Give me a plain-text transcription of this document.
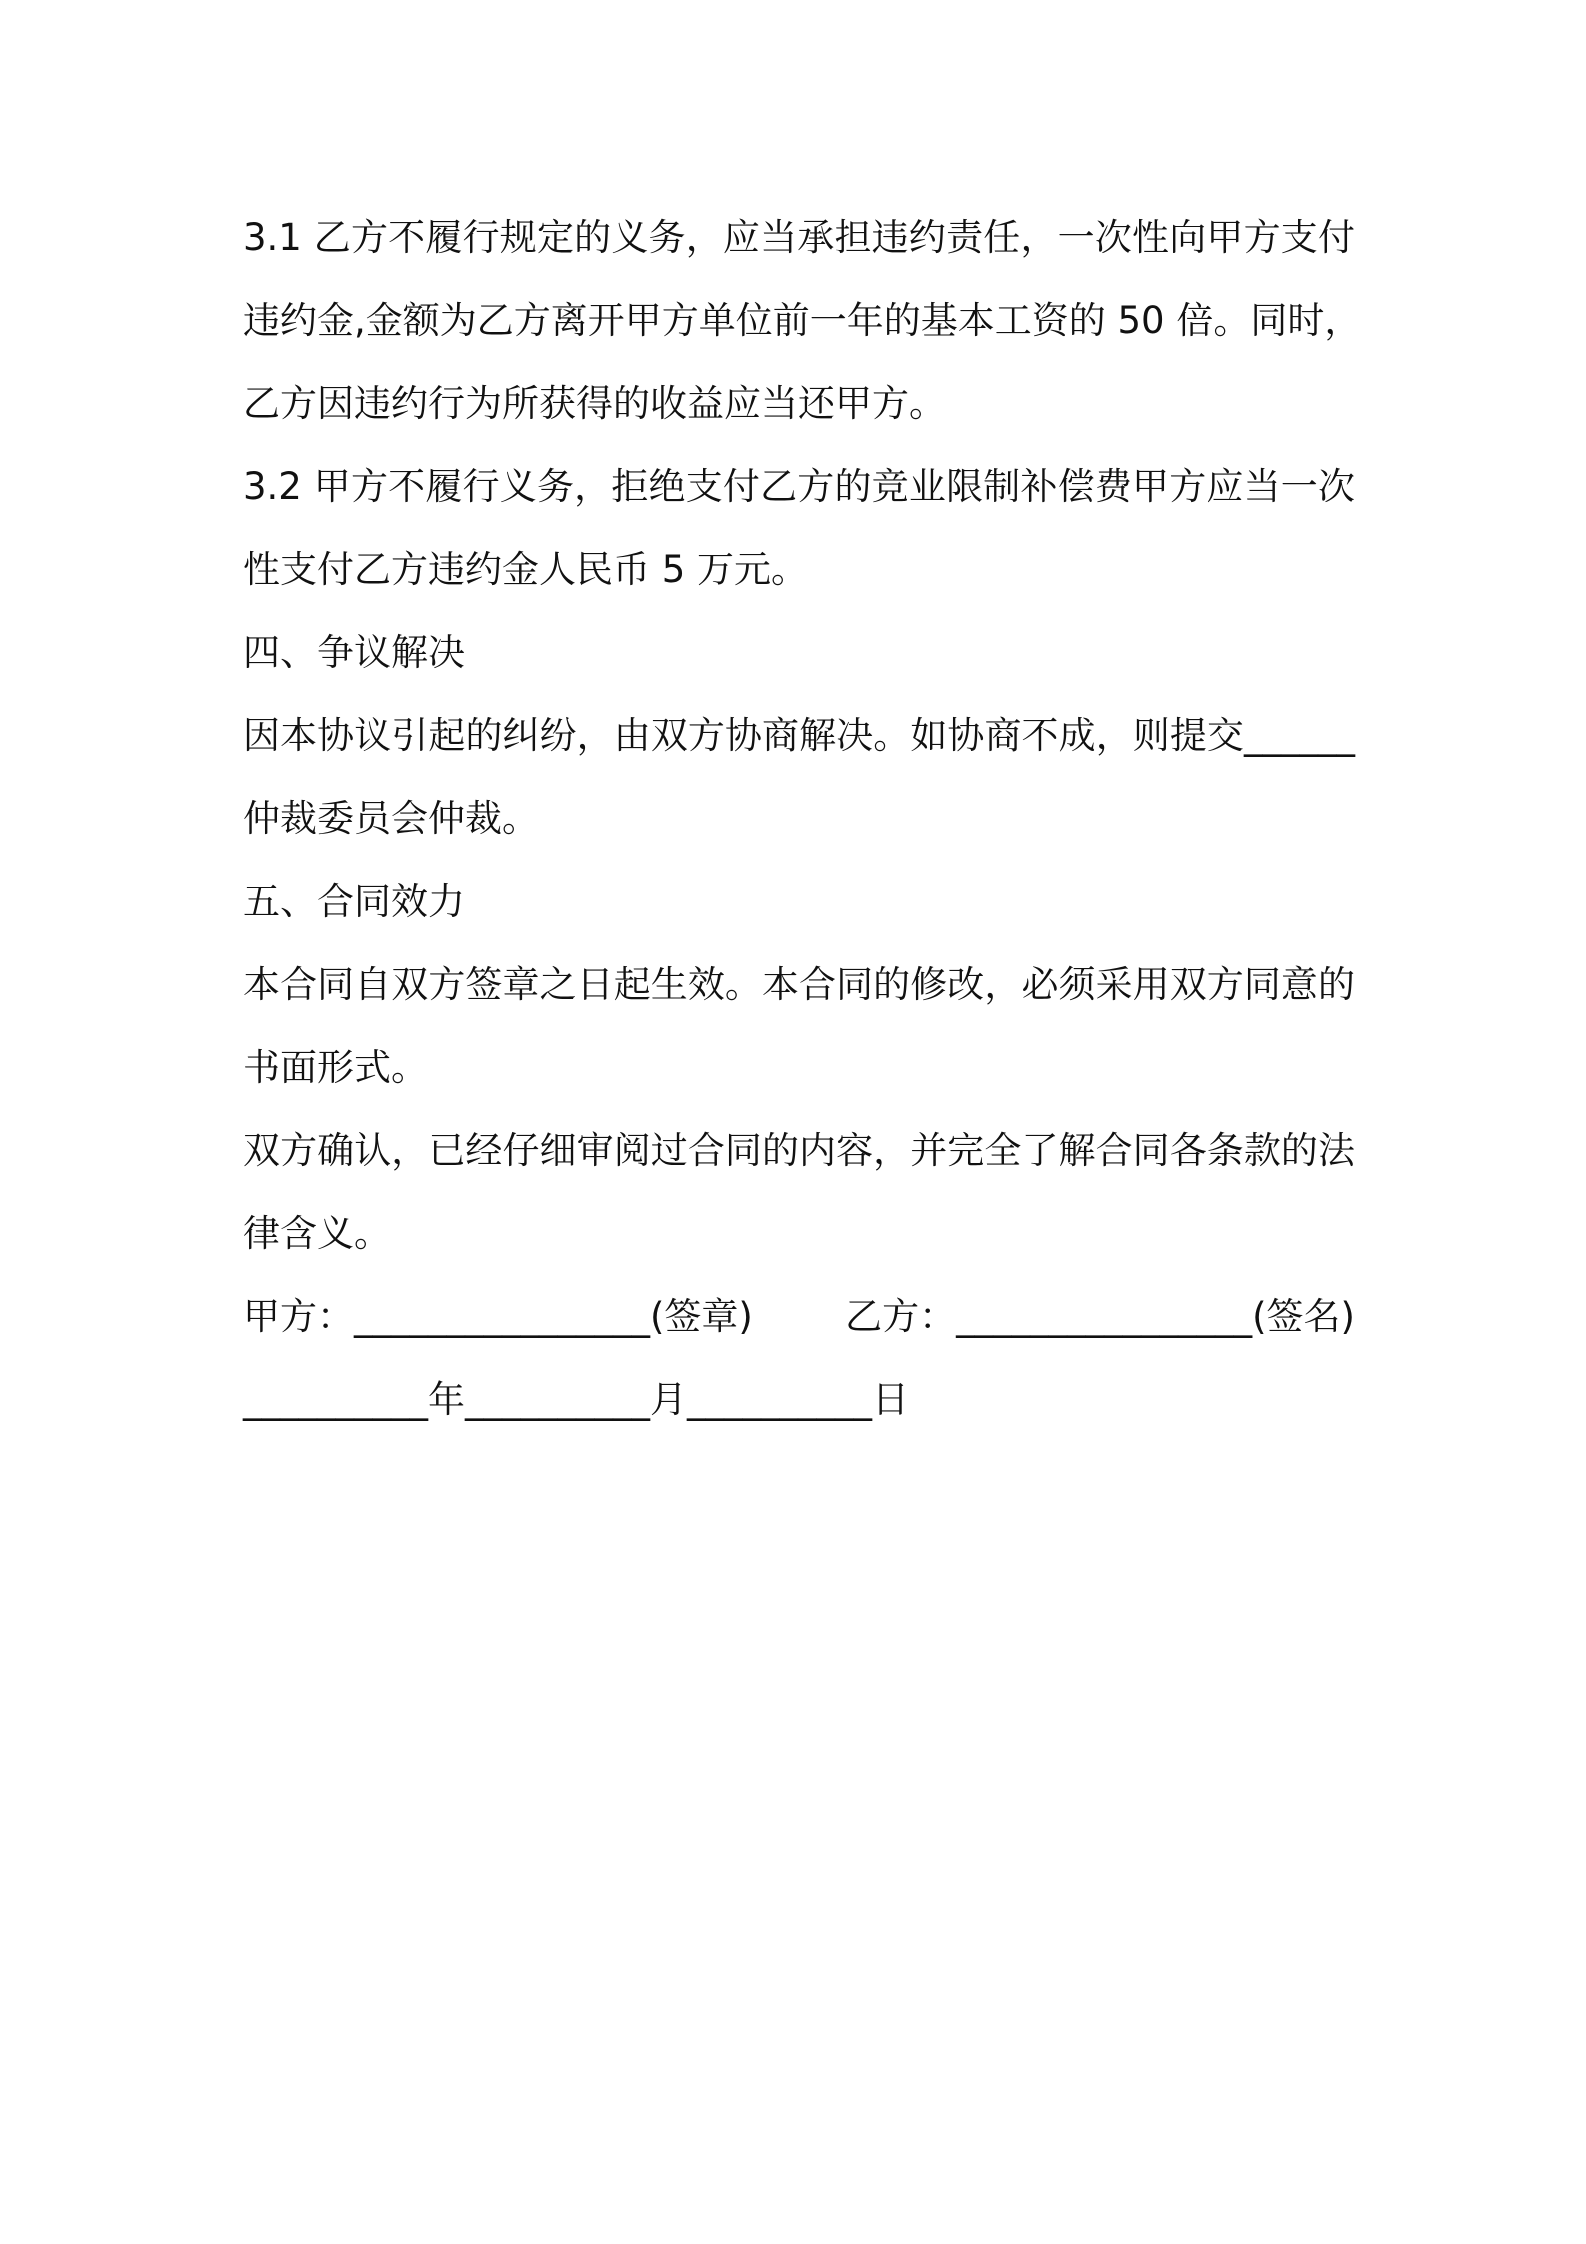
3.1 乙方不履行规定的义务，应当承担违约责任，一次性向甲方支付
违约金,金额为乙方离开甲方单位前一年的基本工资的 50 倍。同时，
乙方因违约行为所获得的收益应当还甲方。
3.2 甲方不履行义务，拒绝支付乙方的竞业限制补偿费甲方应当一次
性支付乙方违约金人民币 5 万元。
四、争议解决
因本协议引起的纠纷，由双方协商解决。如协商不成，则提交______
仲裁委员会仲裁。
五、合同效力
本合同自双方签章之日起生效。本合同的修改，必须采用双方同意的
书面形式。
双方确认，已经仔细审阅过合同的内容，并完全了解合同各条款的法
律含义。
甲方：________________(签章) 乙方：________________(签名)
__________年__________月__________日
